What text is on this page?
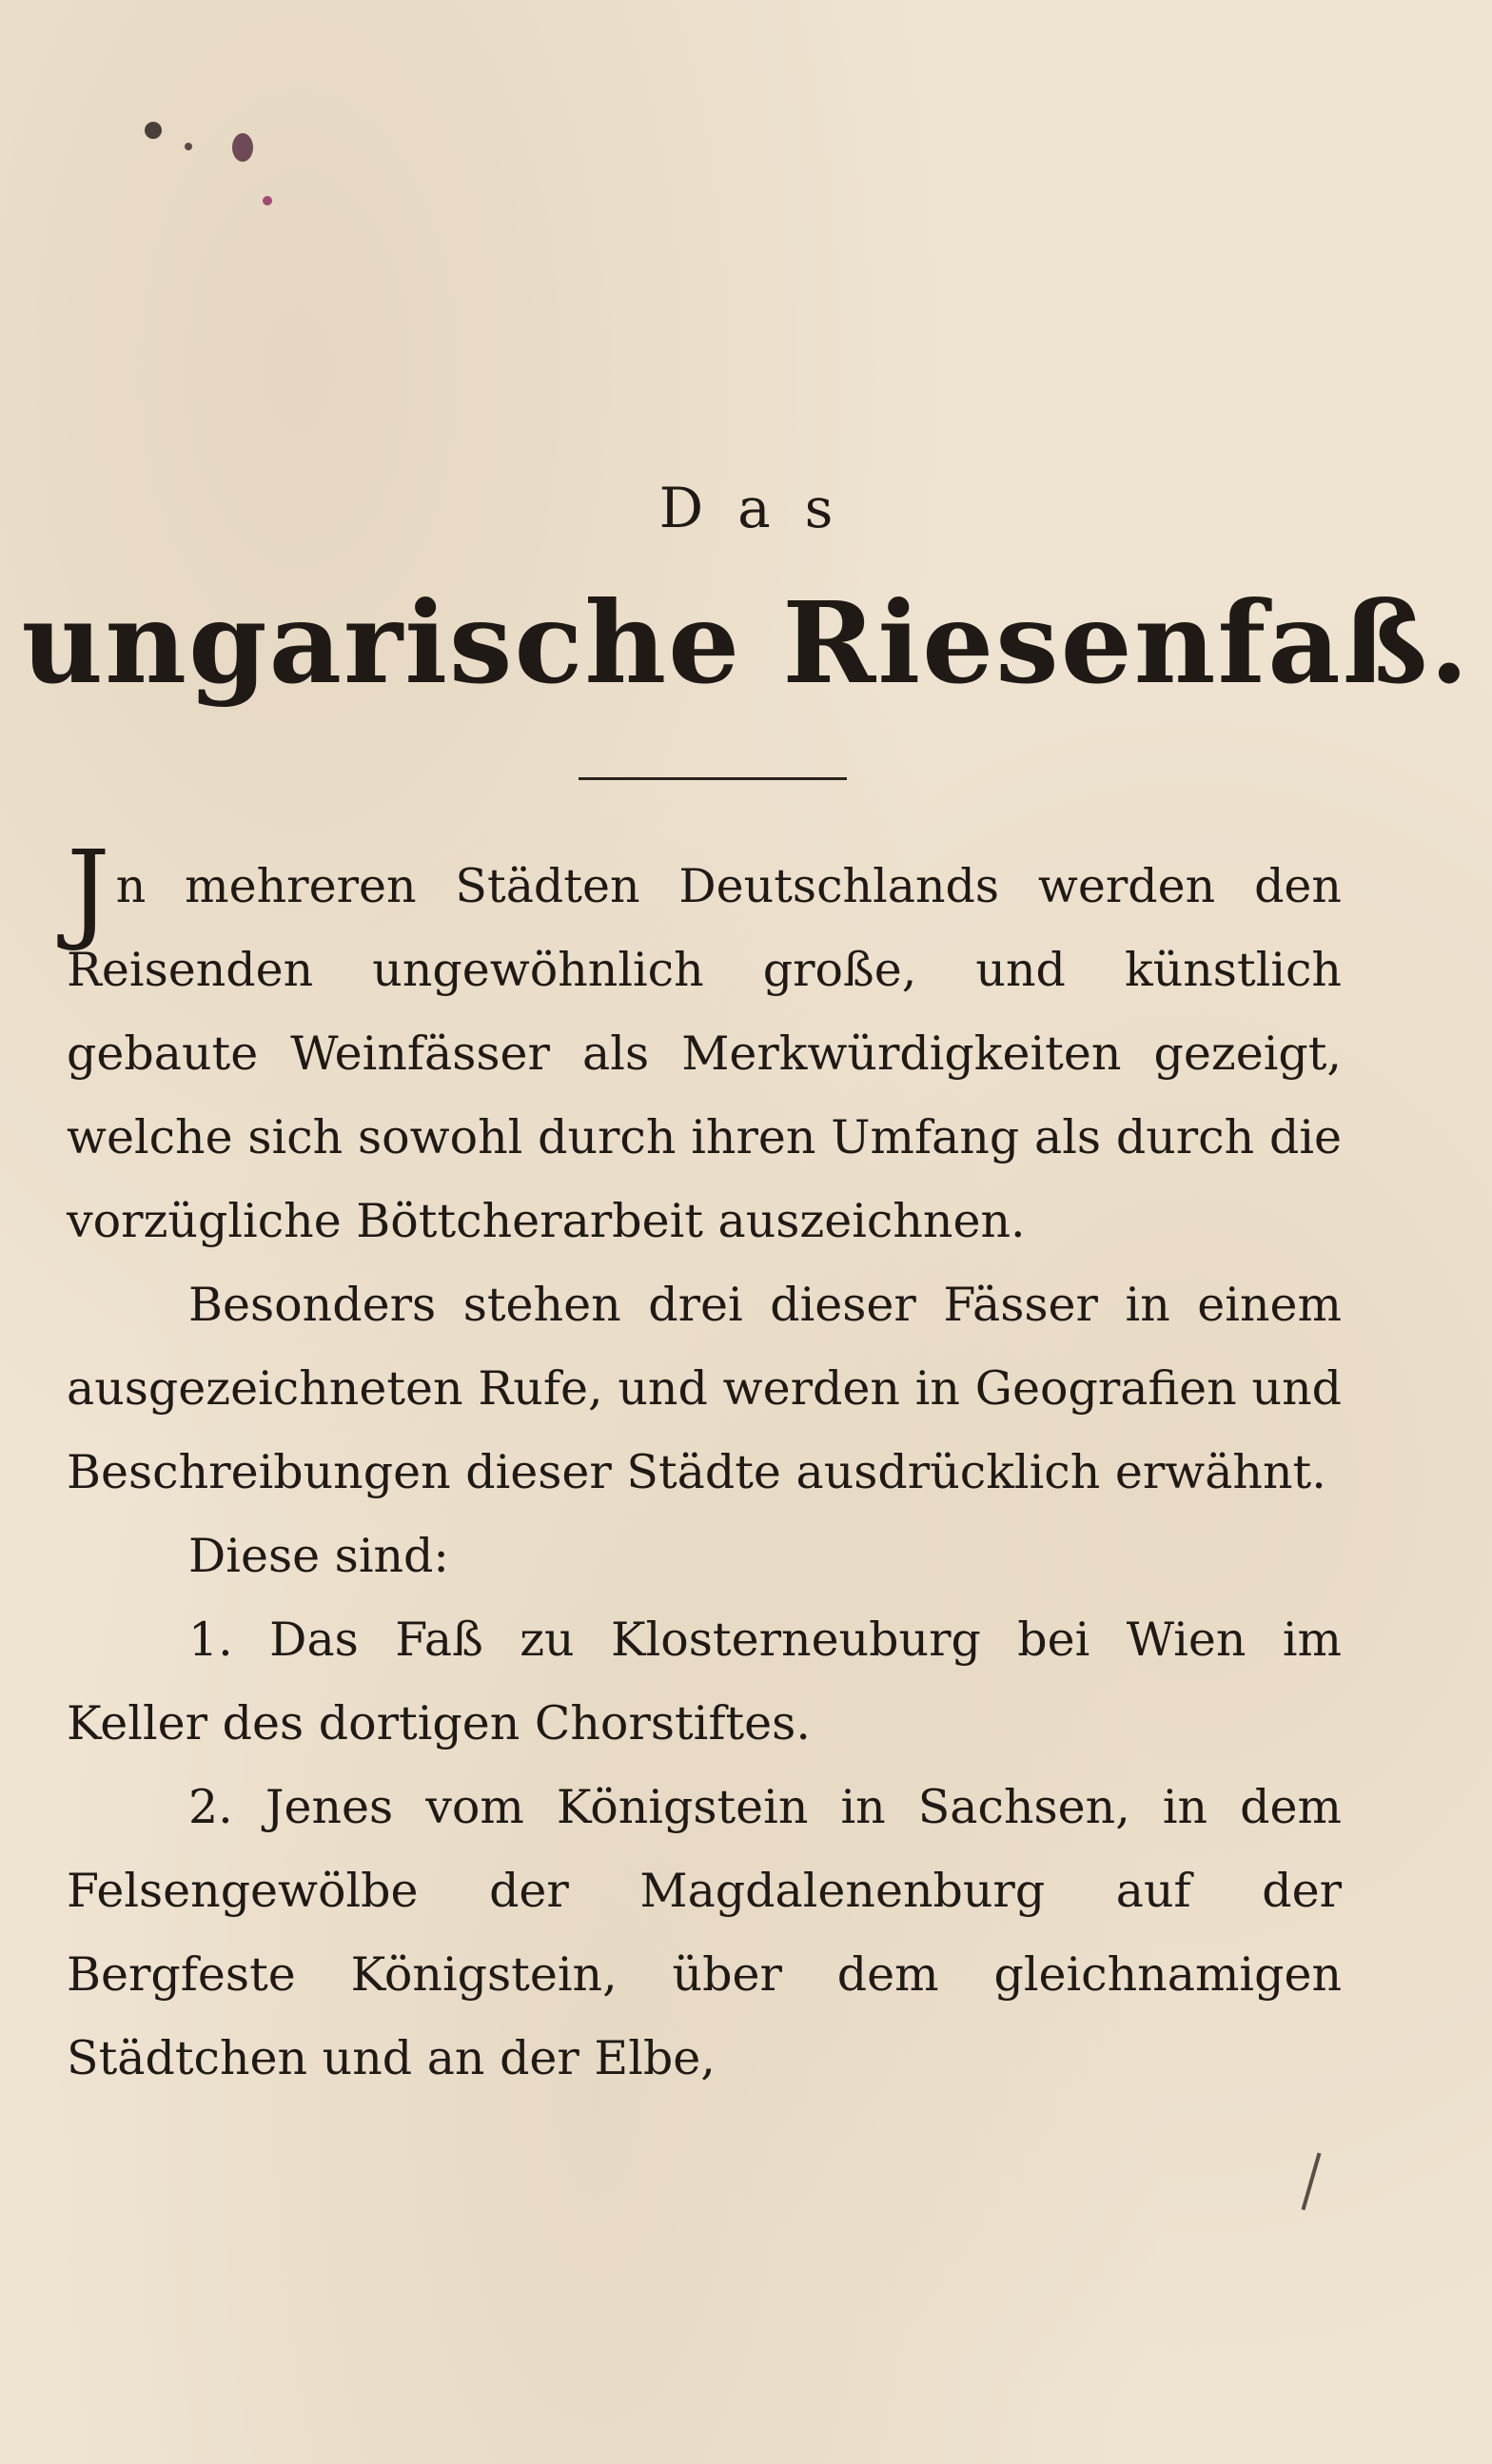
Das
ungarische Riesenfaß.

Jn mehreren Städten Deutschlands werden den Reisenden ungewöhnlich große, und künstlich gebaute Weinfässer als Merkwürdigkeiten gezeigt, welche sich sowohl durch ihren Umfang als durch die vorzügliche Böttcherarbeit auszeichnen.

Besonders stehen drei dieser Fässer in einem ausgezeichneten Rufe, und werden in Geografien und Beschreibungen dieser Städte ausdrücklich erwähnt.

Diese sind:

1. Das Faß zu Klosterneuburg bei Wien im Keller des dortigen Chorstiftes.

2. Jenes vom Königstein in Sachsen, in dem Felsengewölbe der Magdalenenburg auf der Bergfeste Königstein, über dem gleichnamigen Städtchen und an der Elbe,
